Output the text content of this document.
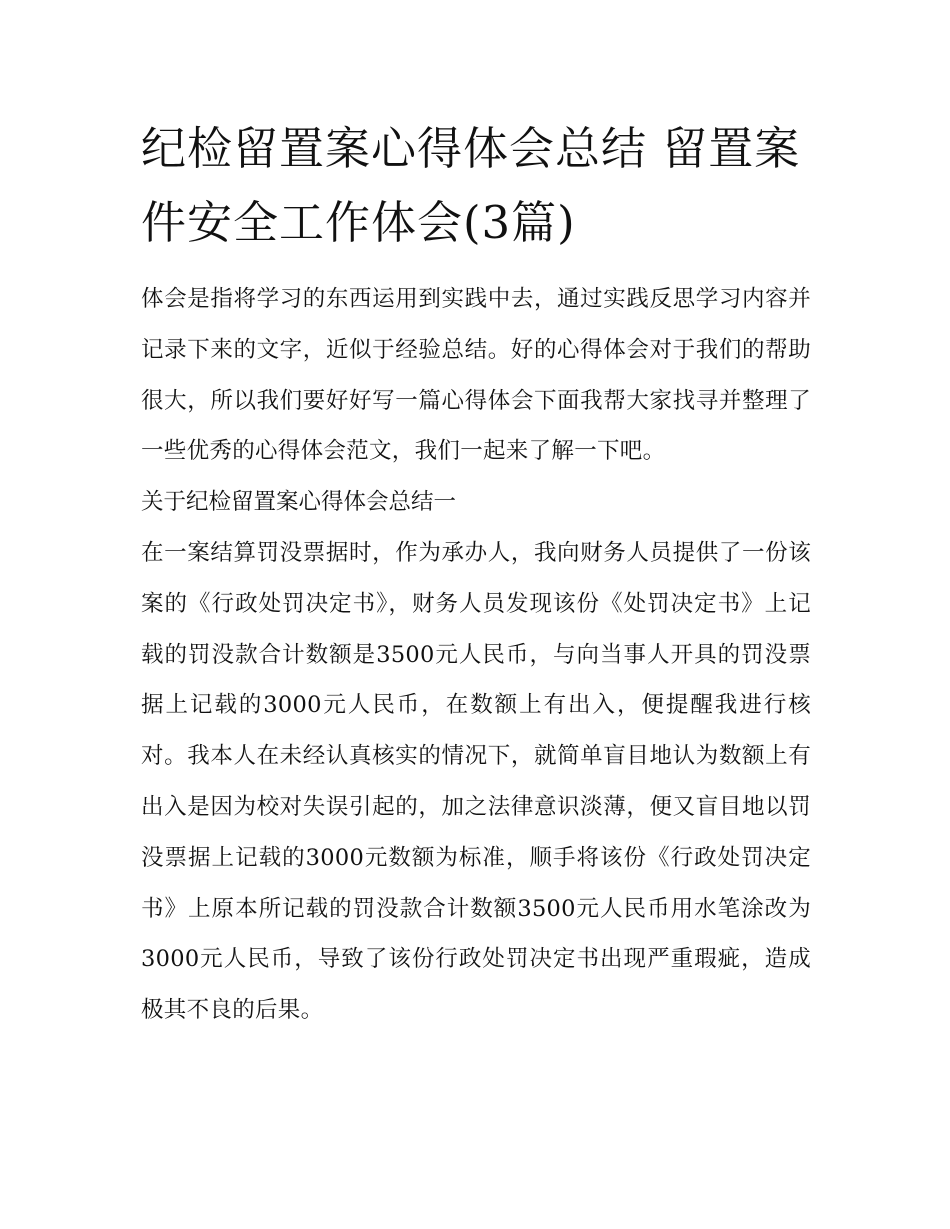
纪检留置案心得体会总结 留置案件安全工作体会(3篇)

体会是指将学习的东西运用到实践中去，通过实践反思学习内容并记录下来的文字，近似于经验总结。好的心得体会对于我们的帮助很大，所以我们要好好写一篇心得体会下面我帮大家找寻并整理了一些优秀的心得体会范文，我们一起来了解一下吧。

关于纪检留置案心得体会总结一

在一案结算罚没票据时，作为承办人，我向财务人员提供了一份该案的《行政处罚决定书》，财务人员发现该份《处罚决定书》上记载的罚没款合计数额是3500元人民币，与向当事人开具的罚没票据上记载的3000元人民币，在数额上有出入，便提醒我进行核对。我本人在未经认真核实的情况下，就简单盲目地认为数额上有出入是因为校对失误引起的，加之法律意识淡薄，便又盲目地以罚没票据上记载的3000元数额为标准，顺手将该份《行政处罚决定书》上原本所记载的罚没款合计数额3500元人民币用水笔涂改为3000元人民币，导致了该份行政处罚决定书出现严重瑕疵，造成极其不良的后果。
